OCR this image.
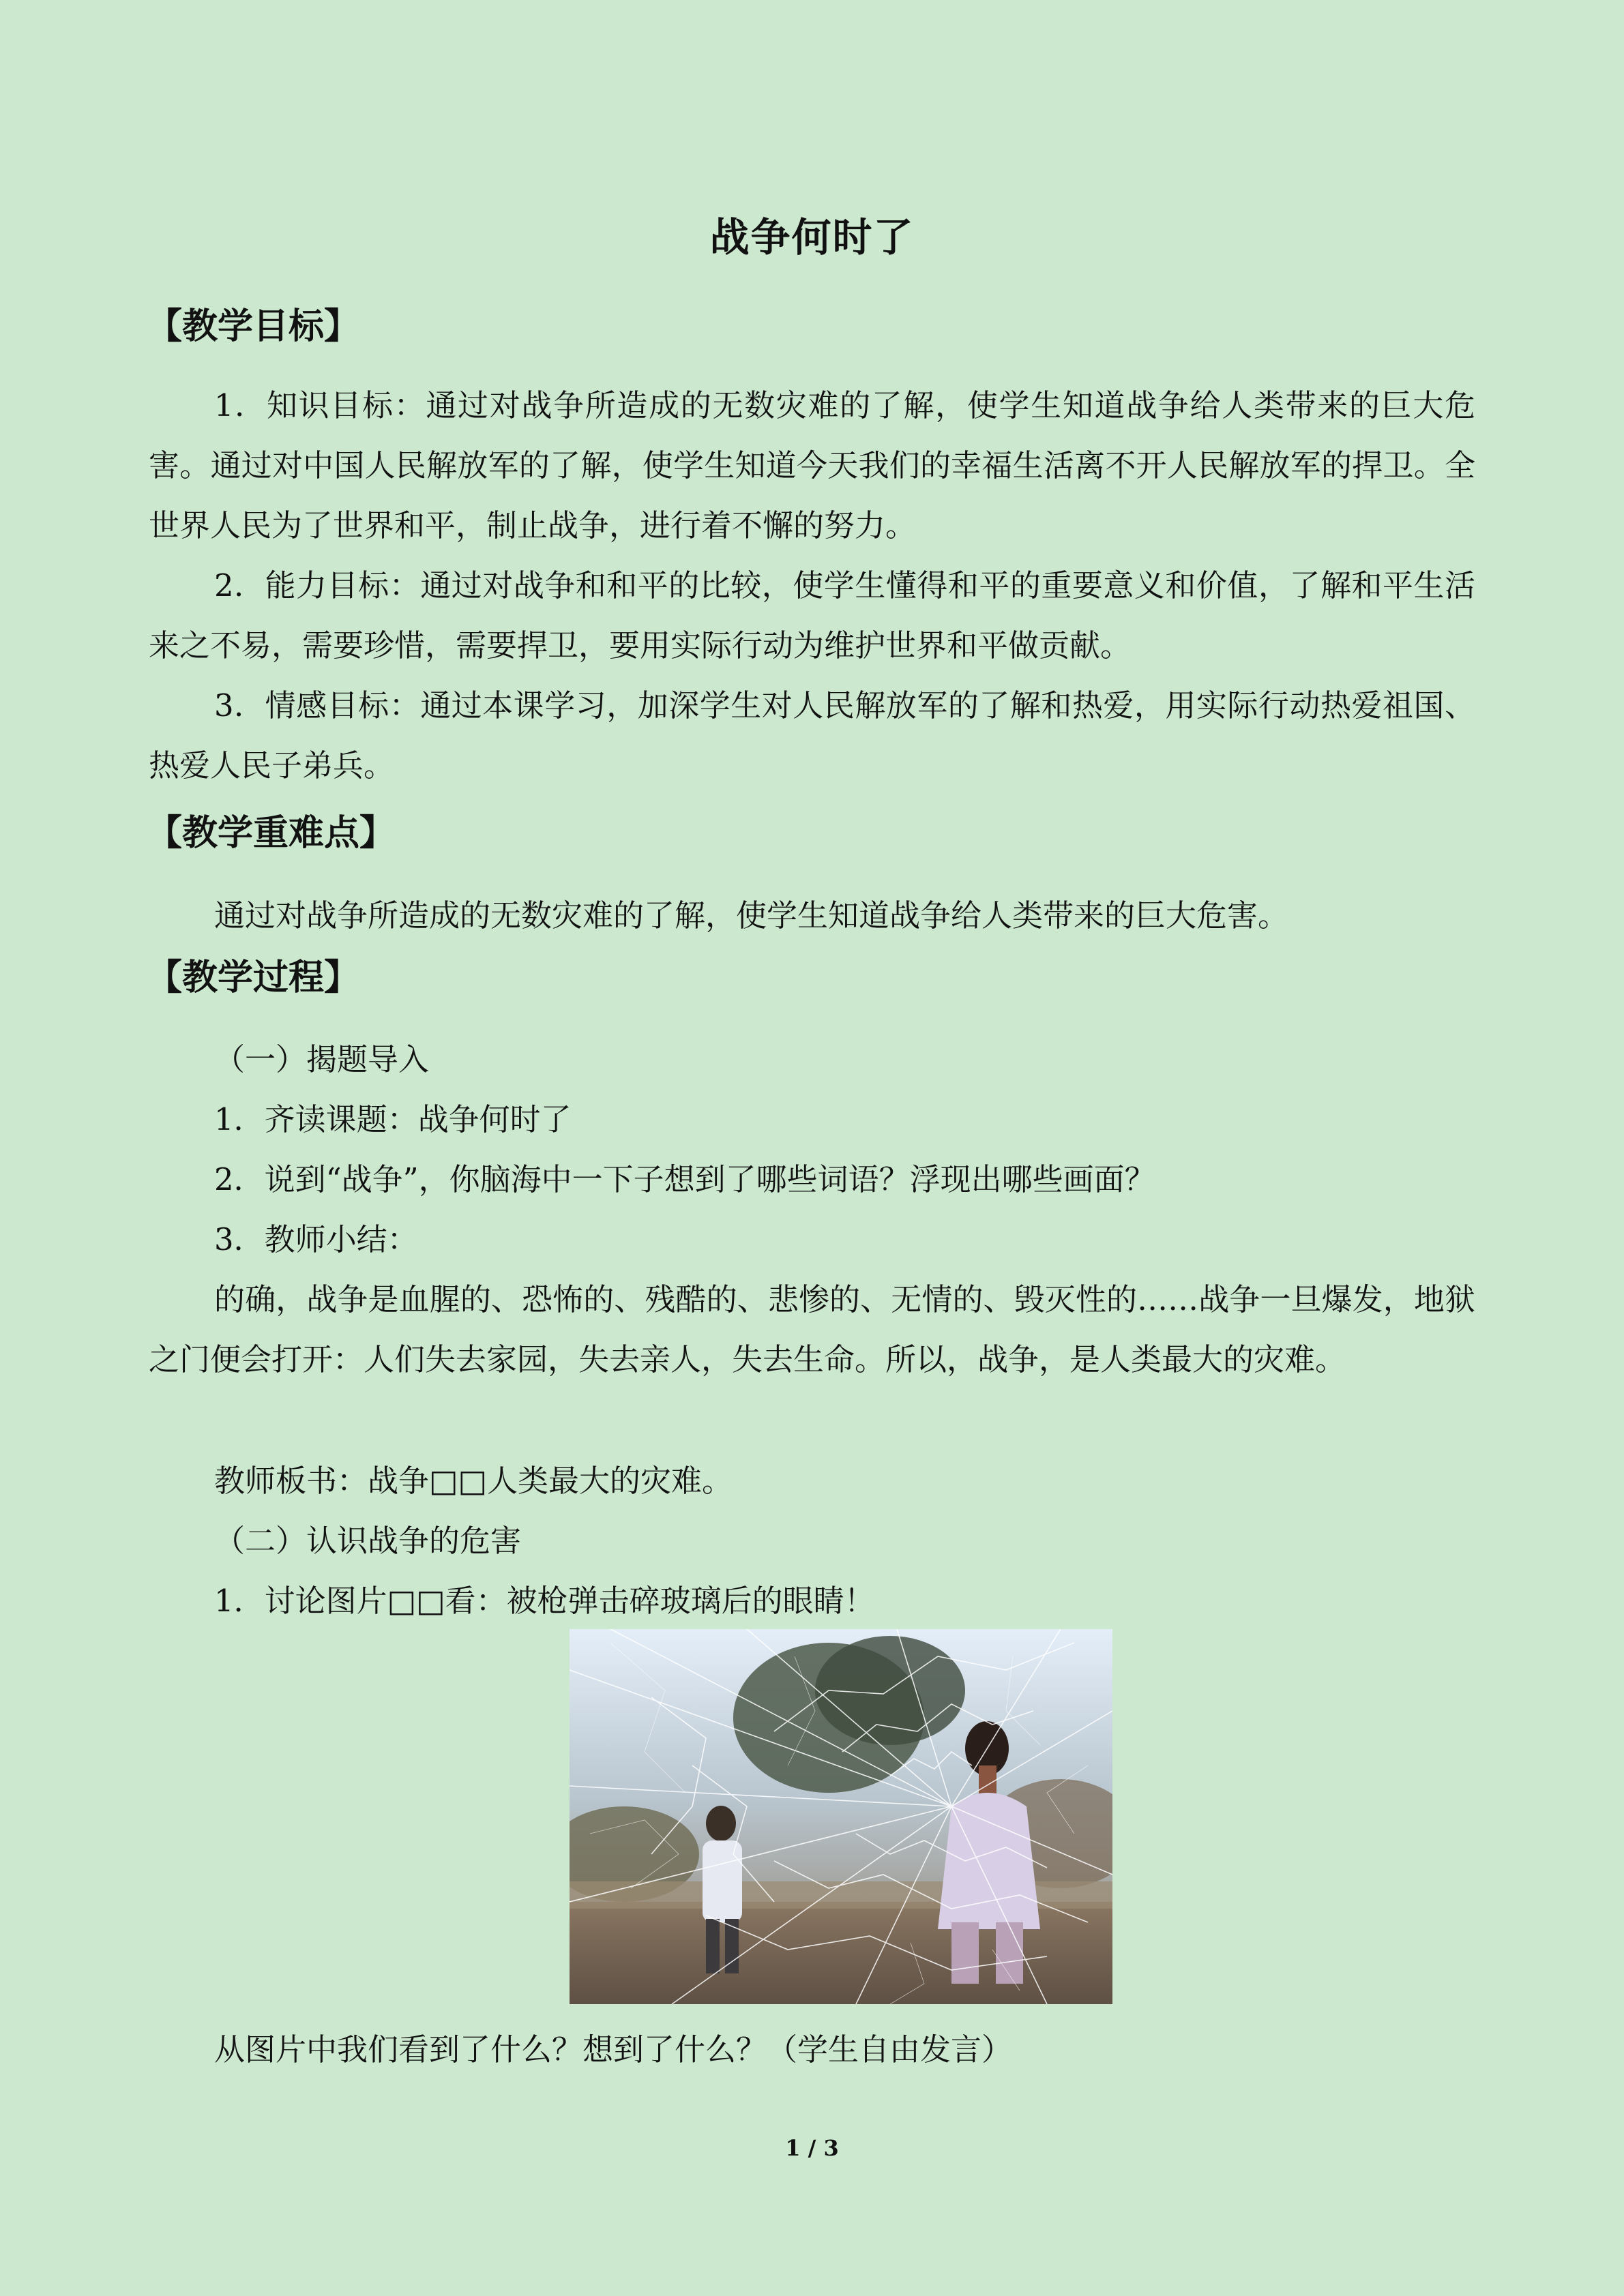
战争何时了
【教学目标】

1．知识目标：通过对战争所造成的无数灾难的了解，使学生知道战争给人类带来的巨大危害。通过对中国人民解放军的了解，使学生知道今天我们的幸福生活离不开人民解放军的捍卫。全世界人民为了世界和平，制止战争，进行着不懈的努力。

2．能力目标：通过对战争和和平的比较，使学生懂得和平的重要意义和价值，了解和平生活来之不易，需要珍惜，需要捍卫，要用实际行动为维护世界和平做贡献。

3．情感目标：通过本课学习，加深学生对人民解放军的了解和热爱，用实际行动热爱祖国、热爱人民子弟兵。

【教学重难点】

通过对战争所造成的无数灾难的了解，使学生知道战争给人类带来的巨大危害。

【教学过程】
（一）揭题导入
1．齐读课题：战争何时了
2．说到“战争”，你脑海中一下子想到了哪些词语？浮现出哪些画面？
3．教师小结：

的确，战争是血腥的、恐怖的、残酷的、悲惨的、无情的、毁灭性的……战争一旦爆发，地狱之门便会打开：人们失去家园，失去亲人，失去生命。所以，战争，是人类最大的灾难。

教师板书：战争□□人类最大的灾难。
（二）认识战争的危害
1．讨论图片□□看：被枪弹击碎玻璃后的眼睛！
从图片中我们看到了什么？想到了什么？（学生自由发言）
1 / 3
